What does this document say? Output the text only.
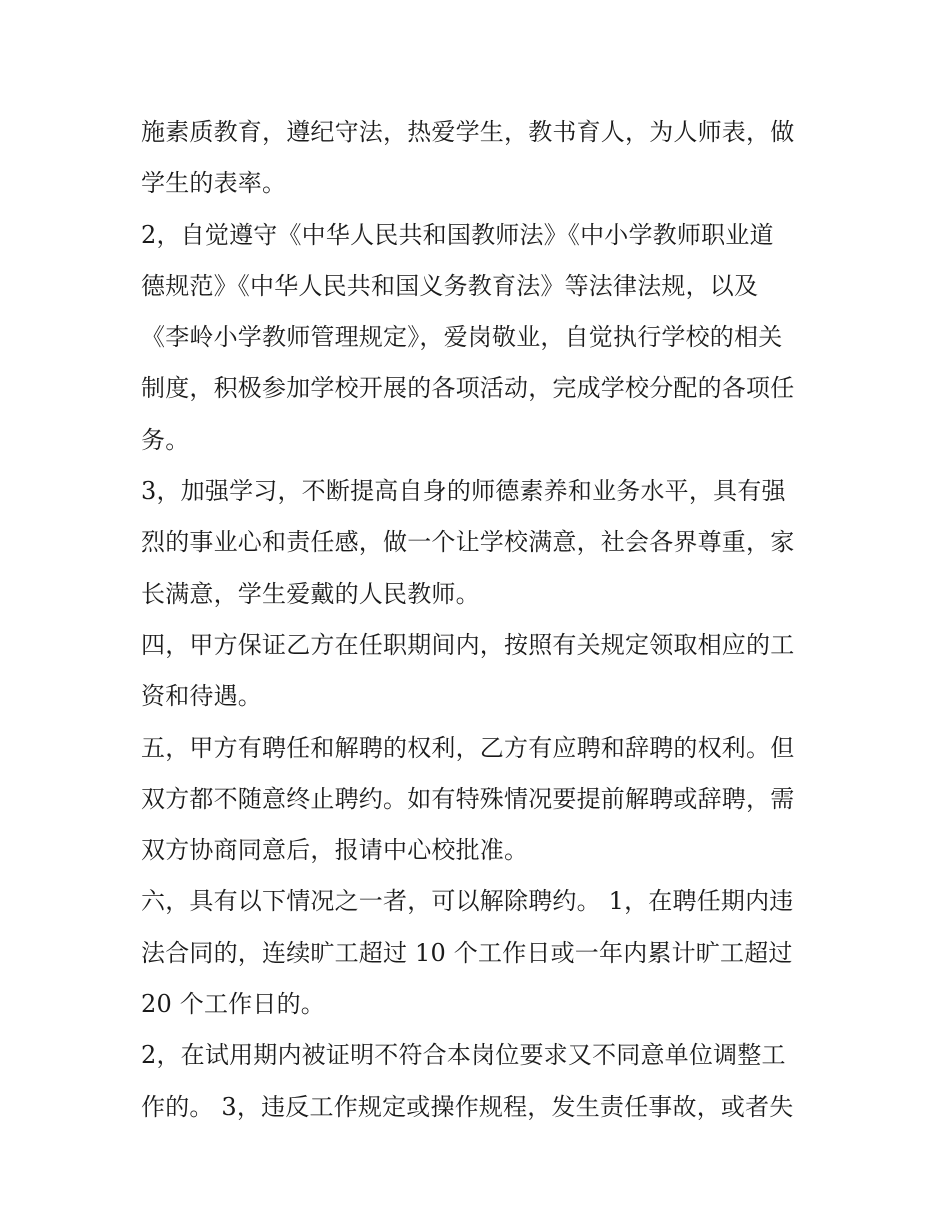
施素质教育，遵纪守法，热爱学生，教书育人，为人师表，做
学生的表率。
2，自觉遵守《中华人民共和国教师法》《中小学教师职业道
德规范》《中华人民共和国义务教育法》等法律法规，以及
《李岭小学教师管理规定》，爱岗敬业，自觉执行学校的相关
制度，积极参加学校开展的各项活动，完成学校分配的各项任
务。
3，加强学习，不断提高自身的师德素养和业务水平，具有强
烈的事业心和责任感，做一个让学校满意，社会各界尊重，家
长满意，学生爱戴的人民教师。
四，甲方保证乙方在任职期间内，按照有关规定领取相应的工
资和待遇。
五，甲方有聘任和解聘的权利，乙方有应聘和辞聘的权利。但
双方都不随意终止聘约。如有特殊情况要提前解聘或辞聘，需
双方协商同意后，报请中心校批准。
六，具有以下情况之一者，可以解除聘约。 1，在聘任期内违
法合同的，连续旷工超过 10 个工作日或一年内累计旷工超过
20 个工作日的。
2，在试用期内被证明不符合本岗位要求又不同意单位调整工
作的。 3，违反工作规定或操作规程，发生责任事故，或者失
